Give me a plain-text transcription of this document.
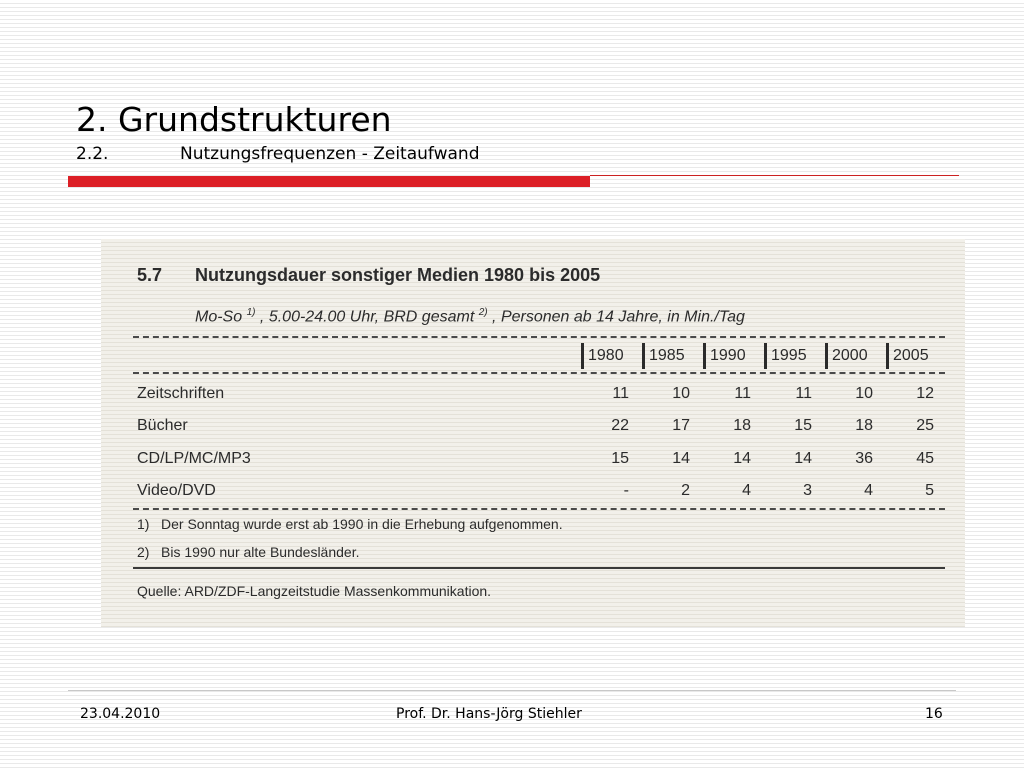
2. Grundstrukturen
2.2.	Nutzungsfrequenzen - Zeitaufwand
5.7 Nutzungsdauer sonstiger Medien 1980 bis 2005
Mo-So $^{1)}$ , 5.00-24.00 Uhr, BRD gesamt $^{2)}$ , Personen ab 14 Jahre, in Min./Tag
1980	1985	1990	1995	2000	2005
Zeitschriften	11	10	11	11	10	12
Bücher	22	17	18	15	18	25
CD/LP/MC/MP3	15	14	14	14	36	45
Video/DVD	-	2	4	3	4	5
1) Der Sonntag wurde erst ab 1990 in die Erhebung aufgenommen.
2) Bis 1990 nur alte Bundesländer.
Quelle: ARD/ZDF-Langzeitstudie Massenkommunikation.
23.04.2010	Prof. Dr. Hans-Jörg Stiehler	16
